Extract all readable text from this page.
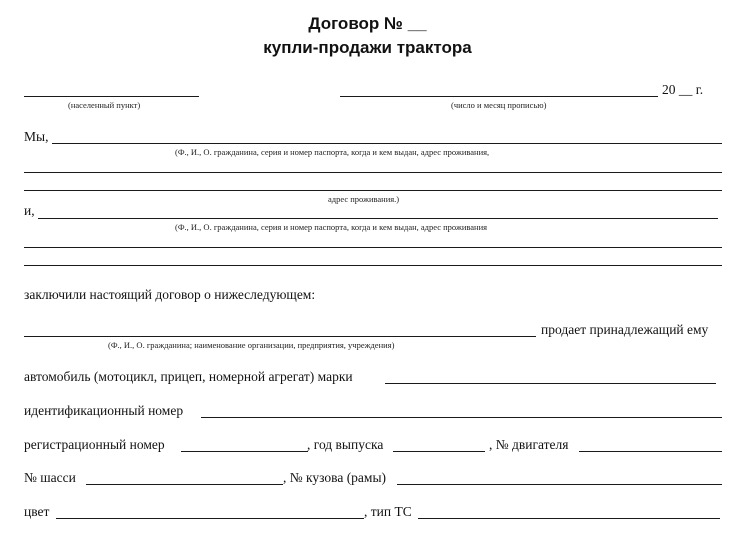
Договор № __
купли-продажи трактора
(населенный пункт)	(число и месяц прописью)
20 __ г.
Мы,
(Ф., И., О. гражданина, серия и номер паспорта, когда и кем выдан, адрес проживания,
адрес проживания.)
и,
(Ф., И., О. гражданина, серия и номер паспорта, когда и кем выдан, адрес проживания
заключили настоящий договор о нижеследующем:
продает принадлежащий ему
(Ф., И., О. гражданина; наименование организации, предприятия, учреждения)
автомобиль (мотоцикл, прицеп, номерной агрегат) марки
идентификационный номер
регистрационный номер	, год выпуска	, № двигателя
№ шасси	, № кузова (рамы)
цвет	, тип ТС
